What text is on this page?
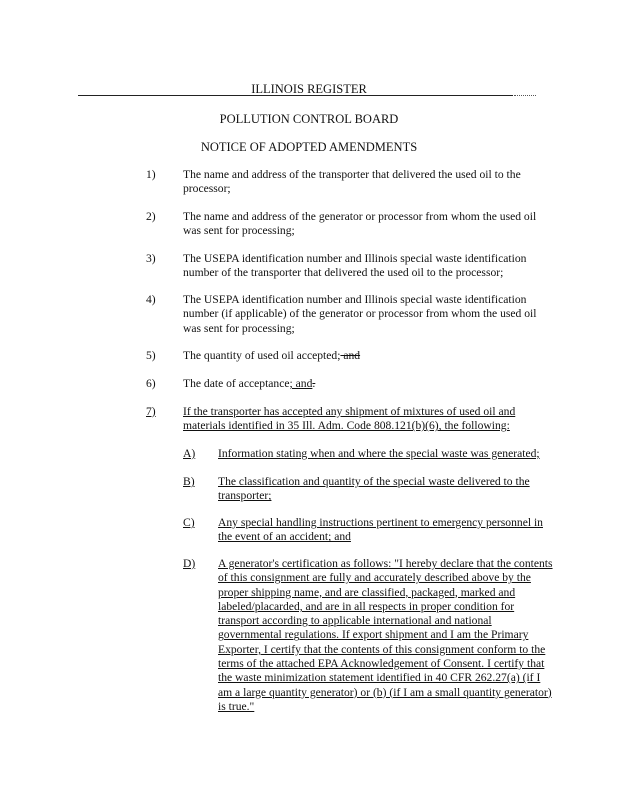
ILLINOIS REGISTER
POLLUTION CONTROL BOARD
NOTICE OF ADOPTED AMENDMENTS
1)	The name and address of the transporter that delivered the used oil to the processor;
2)	The name and address of the generator or processor from whom the used oil was sent for processing;
3)	The USEPA identification number and Illinois special waste identification number of the transporter that delivered the used oil to the processor;
4)	The USEPA identification number and Illinois special waste identification number (if applicable) of the generator or processor from whom the used oil was sent for processing;
5)	The quantity of used oil accepted; and
6)	The date of acceptance; and.
7)	If the transporter has accepted any shipment of mixtures of used oil and materials identified in 35 Ill. Adm. Code 808.121(b)(6), the following:
A)	Information stating when and where the special waste was generated;
B)	The classification and quantity of the special waste delivered to the transporter;
C)	Any special handling instructions pertinent to emergency personnel in the event of an accident; and
D)	A generator's certification as follows: "I hereby declare that the contents of this consignment are fully and accurately described above by the proper shipping name, and are classified, packaged, marked and labeled/placarded, and are in all respects in proper condition for transport according to applicable international and national governmental regulations. If export shipment and I am the Primary Exporter, I certify that the contents of this consignment conform to the terms of the attached EPA Acknowledgement of Consent. I certify that the waste minimization statement identified in 40 CFR 262.27(a) (if I am a large quantity generator) or (b) (if I am a small quantity generator) is true."
